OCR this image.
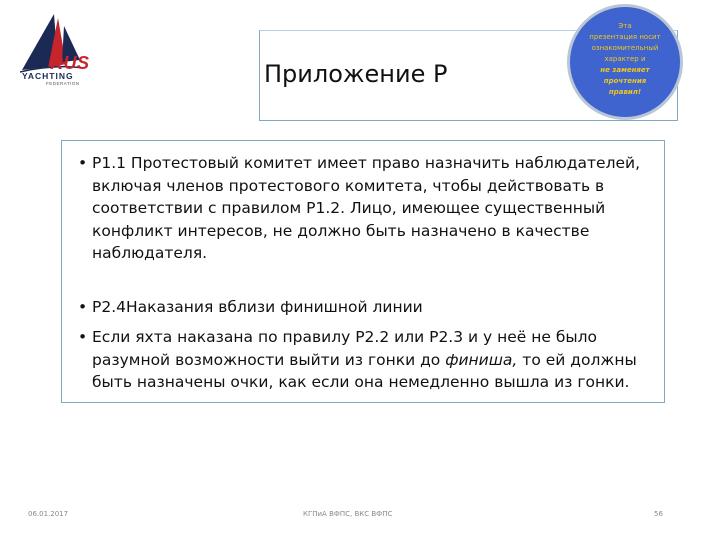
RUS
YACHTING
FEDERATION	Приложение Р
Эта
презентация носит
ознакомительный
характер и
не заменяет
прочтения
правил!
• P1.1 Протестовый комитет имеет право назначить наблюдателей, включая членов протестового комитета, чтобы действовать в соответствии с правилом P1.2. Лицо, имеющее существенный конфликт интересов, не должно быть назначено в качестве наблюдателя.
• P2.4Наказания вблизи финишной линии
• Если яхта наказана по правилу P2.2 или P2.3 и у неё не было разумной возможности выйти из гонки до финиша, то ей должны быть назначены очки, как если она немедленно вышла из гонки.
06.01.2017	КГПиА ВФПС, ВКС ВФПС	56
